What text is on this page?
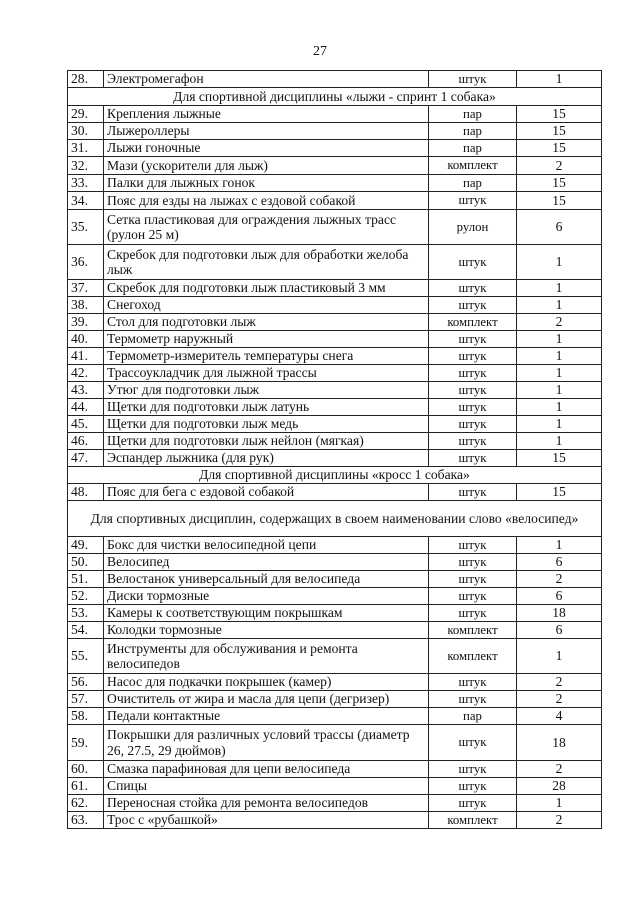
27
28.	Электромегафон	штук	1
Для спортивной дисциплины «лыжи - спринт 1 собака»			
29.	Крепления лыжные	пар	15
30.	Лыжероллеры	пар	15
31.	Лыжи гоночные	пар	15
32.	Мази (ускорители для лыж)	комплект	2
33.	Палки для лыжных гонок	пар	15
34.	Пояс для езды на лыжах с ездовой собакой	штук	15
35.	Сетка пластиковая для ограждения лыжных трасс (рулон 25 м)	рулон	6
36.	Скребок для подготовки лыж для обработки желоба лыж	штук	1
37.	Скребок для подготовки лыж пластиковый 3 мм	штук	1
38.	Снегоход	штук	1
39.	Стол для подготовки лыж	комплект	2
40.	Термометр наружный	штук	1
41.	Термометр-измеритель температуры снега	штук	1
42.	Трассоукладчик для лыжной трассы	штук	1
43.	Утюг для подготовки лыж	штук	1
44.	Щетки для подготовки лыж латунь	штук	1
45.	Щетки для подготовки лыж медь	штук	1
46.	Щетки для подготовки лыж нейлон (мягкая)	штук	1
47.	Эспандер лыжника (для рук)	штук	15
Для спортивной дисциплины «кросс 1 собака»			
48.	Пояс для бега с ездовой собакой	штук	15
Для спортивных дисциплин, содержащих в своем наименовании слово «велосипед»			
49.	Бокс для чистки велосипедной цепи	штук	1
50.	Велосипед	штук	6
51.	Велостанок универсальный для велосипеда	штук	2
52.	Диски тормозные	штук	6
53.	Камеры к соответствующим покрышкам	штук	18
54.	Колодки тормозные	комплект	6
55.	Инструменты для обслуживания и ремонта велосипедов	комплект	1
56.	Насос для подкачки покрышек (камер)	штук	2
57.	Очиститель от жира и масла для цепи (дегризер)	штук	2
58.	Педали контактные	пар	4
59.	Покрышки для различных условий трассы (диаметр 26, 27.5, 29 дюймов)	штук	18
60.	Смазка парафиновая для цепи велосипеда	штук	2
61.	Спицы	штук	28
62.	Переносная стойка для ремонта велосипедов	штук	1
63.	Трос с «рубашкой»	комплект	2
